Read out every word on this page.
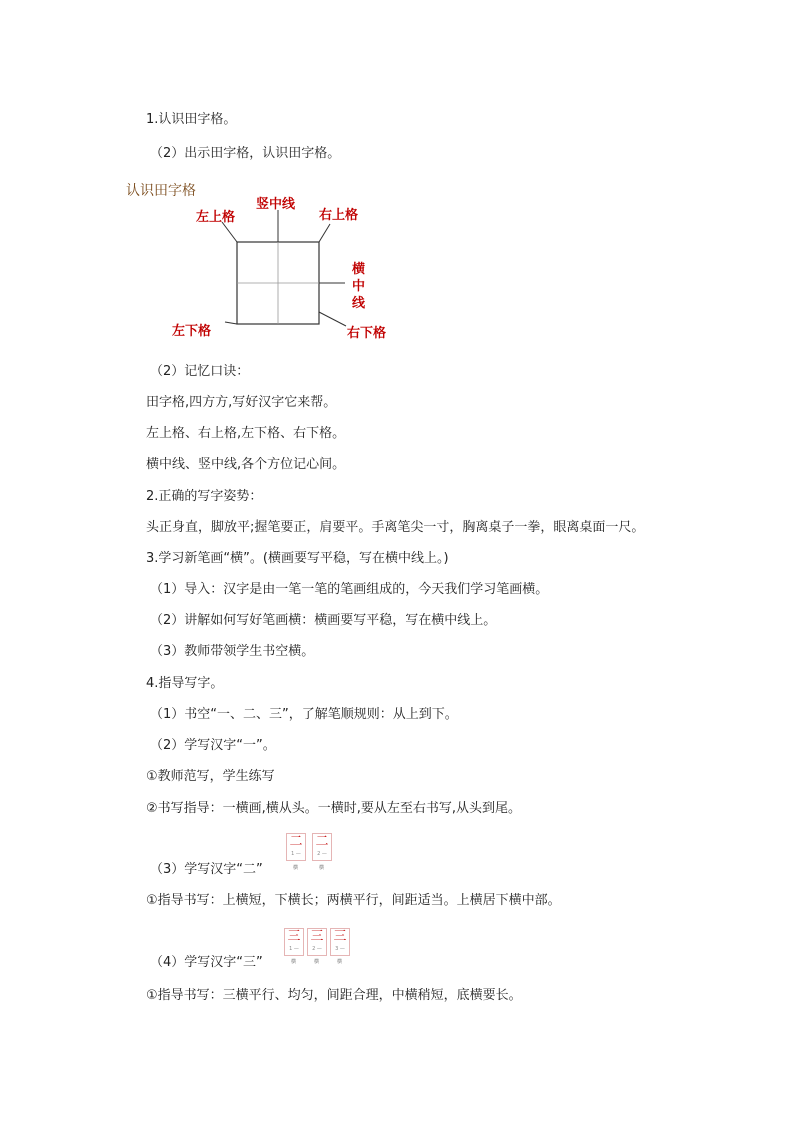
1.认识田字格。
（2）出示田字格，认识田字格。
认识田字格
左上格
竖中线
右上格
横
中
线
左下格	右下格
（2）记忆口诀：
田字格,四方方,写好汉字它来帮。
左上格、右上格,左下格、右下格。
横中线、竖中线,各个方位记心间。
2.正确的写字姿势：
头正身直，脚放平;握笔要正，肩要平。手离笔尖一寸，胸离桌子一拳，眼离桌面一尺。
3.学习新笔画“横”。(横画要写平稳，写在横中线上。)
（1）导入：汉字是由一笔一笔的笔画组成的，今天我们学习笔画横。
（2）讲解如何写好笔画横：横画要写平稳，写在横中线上。
（3）教师带领学生书空横。
4.指导写字。
（1）书空“一、二、三”，了解笔顺规则：从上到下。
（2）学写汉字“一”。
①教师范写，学生练写
②书写指导：一横画,横从头。一横时,要从左至右书写,从头到尾。
二
1 —
二
2 —
横	横
（3）学写汉字“二”
①指导书写：上横短，下横长；两横平行，间距适当。上横居下横中部。
三
1 —
三
2 —
三
3 —
横	横	横
（4）学写汉字“三”
①指导书写：三横平行、均匀，间距合理，中横稍短，底横要长。
